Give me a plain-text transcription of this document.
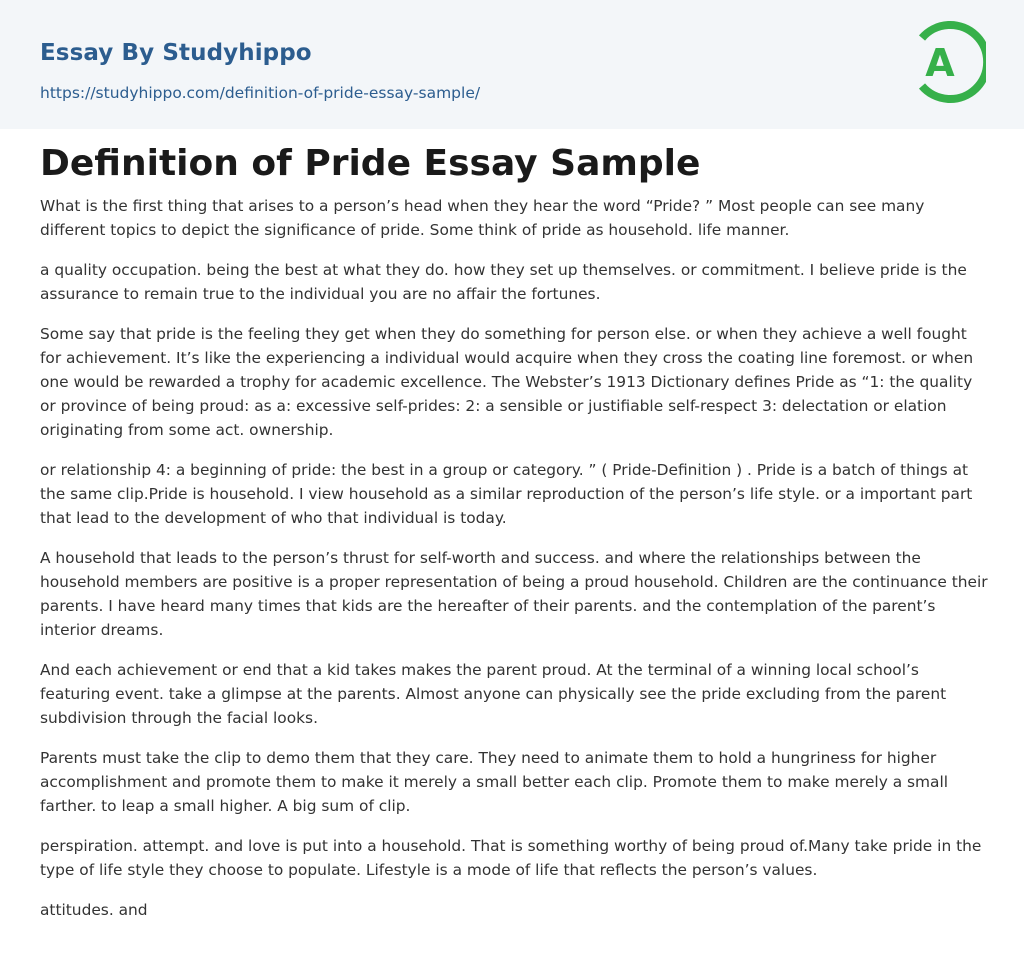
Essay By Studyhippo
https://studyhippo.com/definition-of-pride-essay-sample/
A
Definition of Pride Essay Sample

What is the first thing that arises to a person’s head when they hear the word “Pride? ” Most people can see many different topics to depict the significance of pride. Some think of pride as household. life manner.

a quality occupation. being the best at what they do. how they set up themselves. or commitment. I believe pride is the assurance to remain true to the individual you are no affair the fortunes.

Some say that pride is the feeling they get when they do something for person else. or when they achieve a well fought for achievement. It’s like the experiencing a individual would acquire when they cross the coating line foremost. or when one would be rewarded a trophy for academic excellence. The Webster’s 1913 Dictionary defines Pride as “1: the quality or province of being proud: as a: excessive self-prides: 2: a sensible or justifiable self-respect 3: delectation or elation originating from some act. ownership.

or relationship 4: a beginning of pride: the best in a group or category. ” ( Pride-Definition ) . Pride is a batch of things at the same clip.Pride is household. I view household as a similar reproduction of the person’s life style. or a important part that lead to the development of who that individual is today.

A household that leads to the person’s thrust for self-worth and success. and where the relationships between the household members are positive is a proper representation of being a proud household. Children are the continuance their parents. I have heard many times that kids are the hereafter of their parents. and the contemplation of the parent’s interior dreams.

And each achievement or end that a kid takes makes the parent proud. At the terminal of a winning local school’s featuring event. take a glimpse at the parents. Almost anyone can physically see the pride excluding from the parent subdivision through the facial looks.

Parents must take the clip to demo them that they care. They need to animate them to hold a hungriness for higher accomplishment and promote them to make it merely a small better each clip. Promote them to make merely a small farther. to leap a small higher. A big sum of clip.

perspiration. attempt. and love is put into a household. That is something worthy of being proud of.Many take pride in the type of life style they choose to populate. Lifestyle is a mode of life that reflects the person’s values.

attitudes. and
